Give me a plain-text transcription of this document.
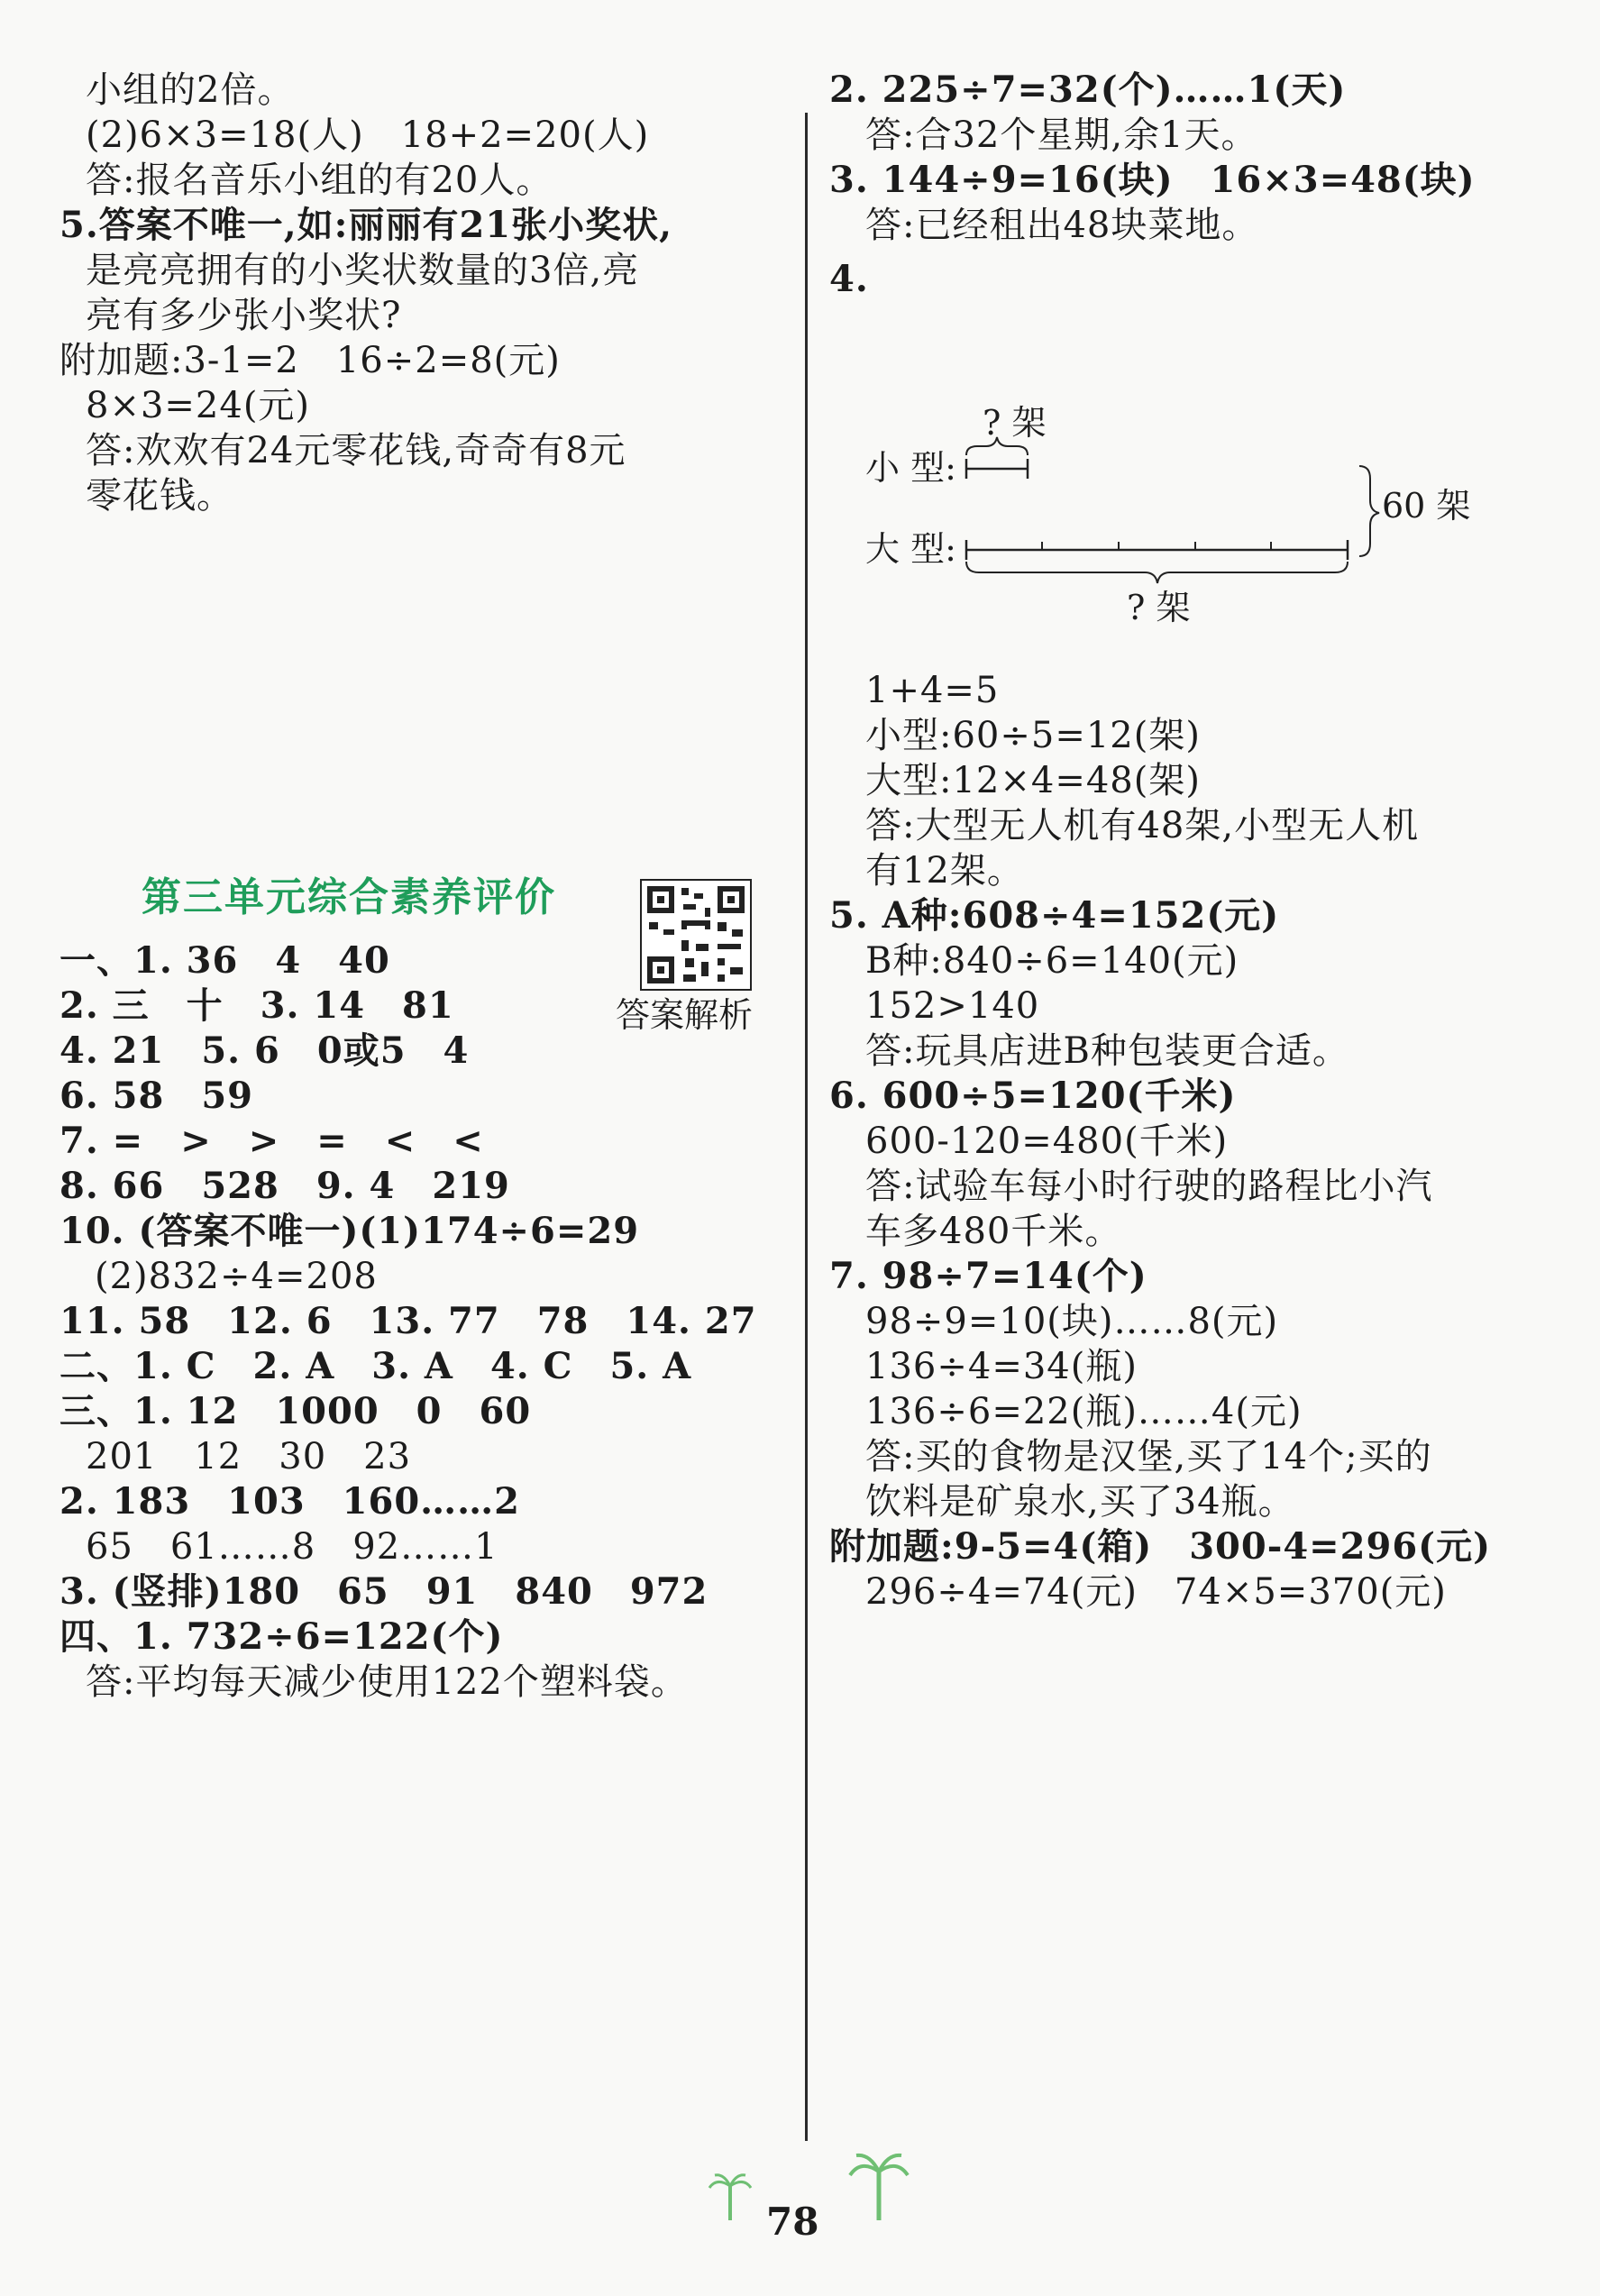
小组的2倍。
(2)6×3=18(人)　18+2=20(人)
答:报名音乐小组的有20人。
5.答案不唯一,如:丽丽有21张小奖状,
是亮亮拥有的小奖状数量的3倍,亮
亮有多少张小奖状?
附加题:3-1=2　16÷2=8(元)
8×3=24(元)
答:欢欢有24元零花钱,奇奇有8元
零花钱。
第三单元综合素养评价
答案解析
一、1. 36　4　40
2. 三　十　3. 14　81
4. 21　5. 6　0或5　4
6. 58　59
7. =　>　>　=　<　<
8. 66　528　9. 4　219
10. (答案不唯一)(1)174÷6=29
(2)832÷4=208
11. 58　12. 6　13. 77　78　14. 27
二、1. C　2. A　3. A　4. C　5. A
三、1. 12　1000　0　60
201　12　30　23
2. 183　103　160……2
65　61……8　92……1
3. (竖排)180　65　91　840　972
四、1. 732÷6=122(个)
答:平均每天减少使用122个塑料袋。
2. 225÷7=32(个)……1(天)
答:合32个星期,余1天。
3. 144÷9=16(块)　16×3=48(块)
答:已经租出48块菜地。
4.
? 架
小 型:
大 型:
60 架
? 架
1+4=5
小型:60÷5=12(架)
大型:12×4=48(架)
答:大型无人机有48架,小型无人机
有12架。
5. A种:608÷4=152(元)
B种:840÷6=140(元)
152>140
答:玩具店进B种包装更合适。
6. 600÷5=120(千米)
600-120=480(千米)
答:试验车每小时行驶的路程比小汽
车多480千米。
7. 98÷7=14(个)
98÷9=10(块)……8(元)
136÷4=34(瓶)
136÷6=22(瓶)……4(元)
答:买的食物是汉堡,买了14个;买的
饮料是矿泉水,买了34瓶。
附加题:9-5=4(箱)　300-4=296(元)
296÷4=74(元)　74×5=370(元)
78
